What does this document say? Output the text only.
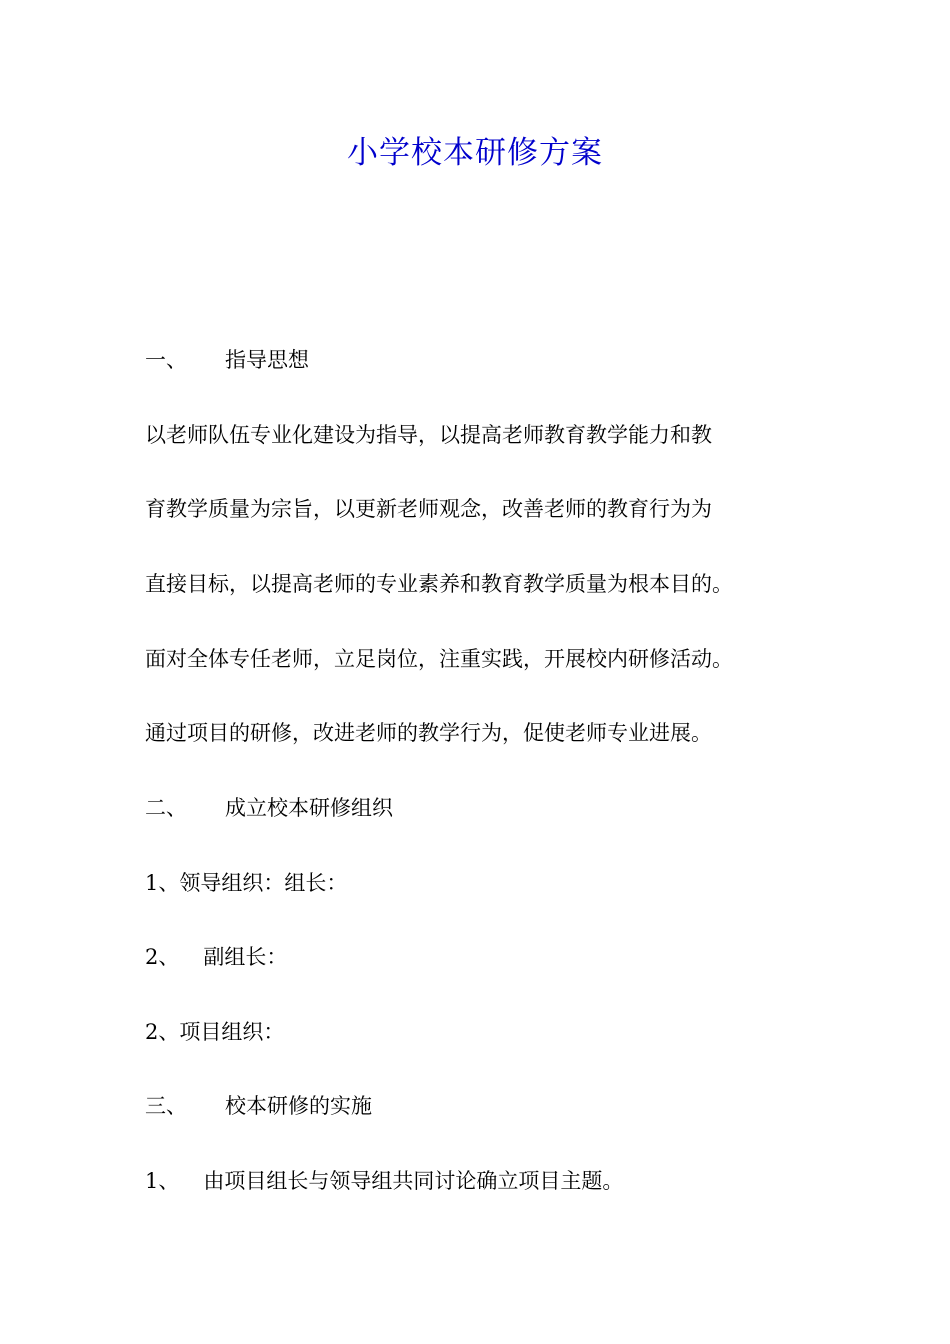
小学校本研修方案
一、 指导思想
以老师队伍专业化建设为指导，以提高老师教育教学能力和教
育教学质量为宗旨，以更新老师观念，改善老师的教育行为为
直接目标，以提高老师的专业素养和教育教学质量为根本目的。
面对全体专任老师，立足岗位，注重实践，开展校内研修活动。
通过项目的研修，改进老师的教学行为，促使老师专业进展。
二、 成立校本研修组织
1、领导组织：组长：
2、 副组长：
2、项目组织：
三、 校本研修的实施
1、 由项目组长与领导组共同讨论确立项目主题。
